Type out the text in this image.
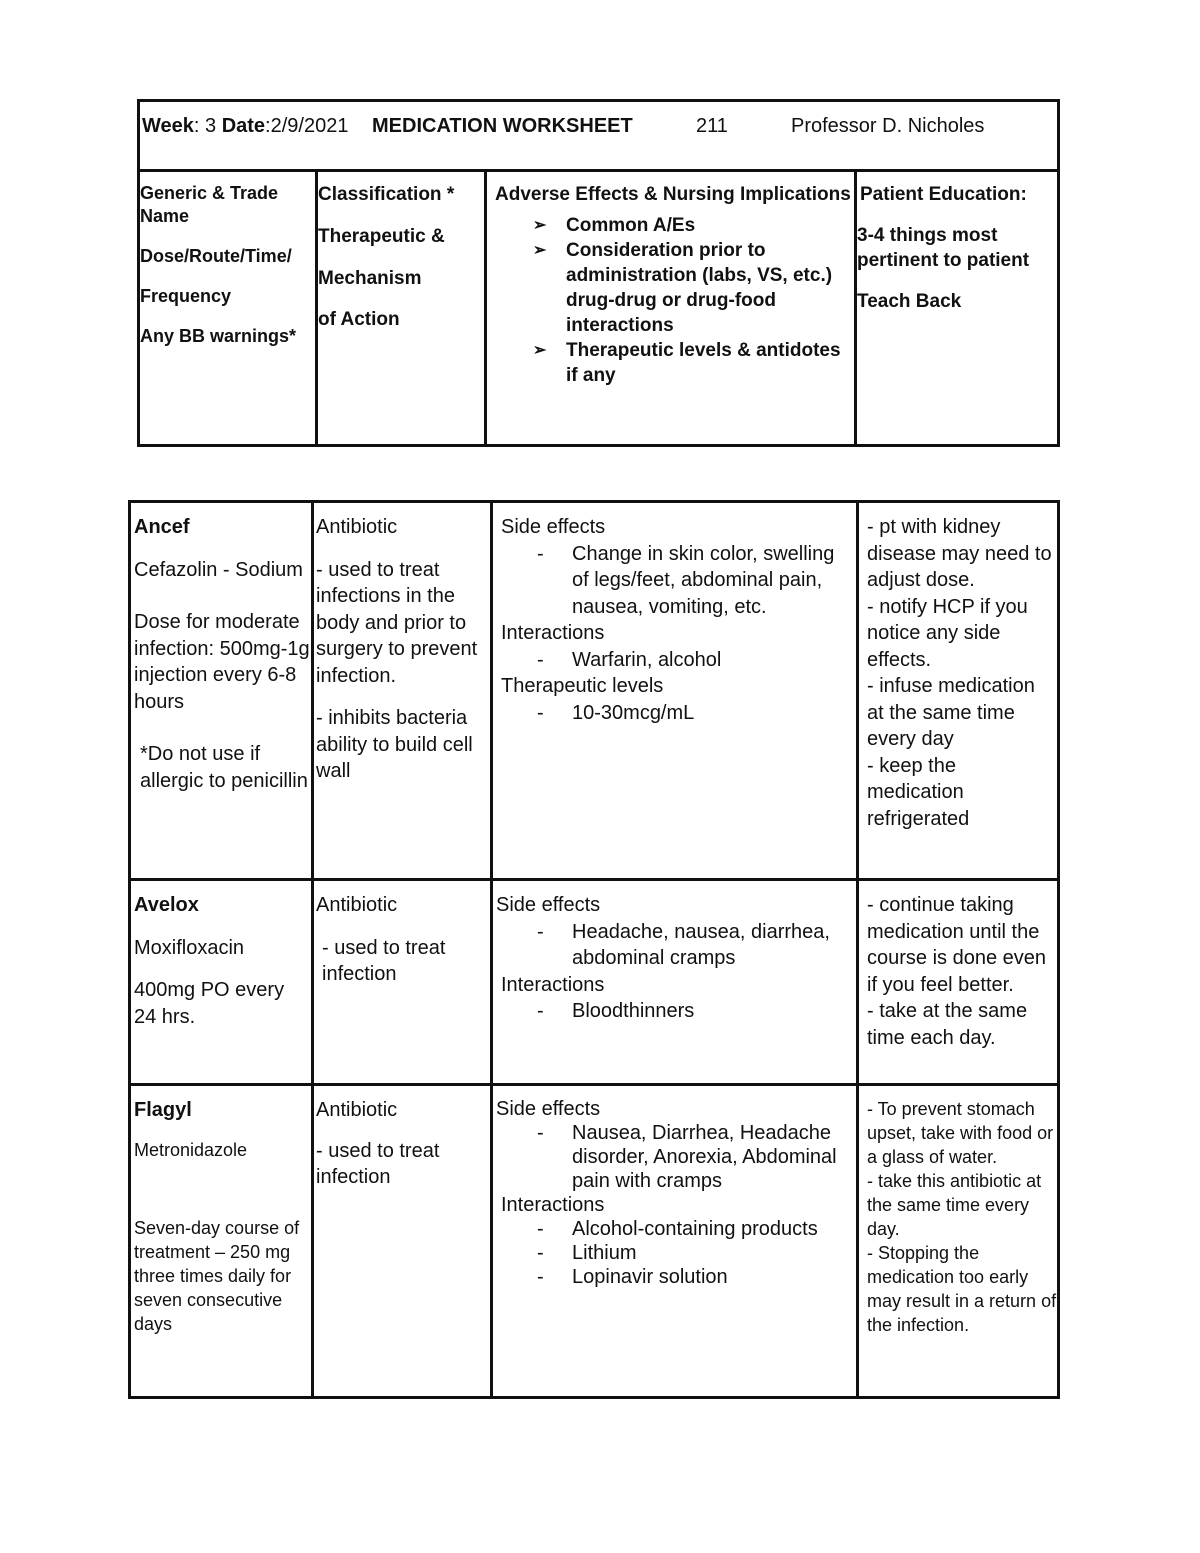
Week: 3 Date:2/9/2021 MEDICATION WORKSHEET	211	Professor D. Nicholes

Generic & Trade Name

Dose/Route/Time/

Frequency

Any BB warnings*

Classification *

Therapeutic &

Mechanism

of Action

Adverse Effects & Nursing Implications

➢ Common A/Es
➢ Consideration prior to administration (labs, VS, etc.) drug-drug or drug-food interactions
➢ Therapeutic levels & antidotes if any

Patient Education:

3-4 things most pertinent to patient

Teach Back

Ancef

Cefazolin - Sodium

Dose for moderate infection: 500mg-1g injection every 6-8 hours

*Do not use if allergic to penicillin

Antibiotic

- used to treat infections in the body and prior to surgery to prevent infection.

- inhibits bacteria ability to build cell wall

Side effects

- Change in skin color, swelling of legs/feet, abdominal pain, nausea, vomiting, etc.

Interactions

- Warfarin, alcohol

Therapeutic levels

- 10-30mcg/mL

- pt with kidney disease may need to adjust dose.

- notify HCP if you notice any side effects.

- infuse medication at the same time every day

- keep the medication refrigerated

Avelox

Moxifloxacin

400mg PO every 24 hrs.

Antibiotic

- used to treat infection

Side effects

- Headache, nausea, diarrhea, abdominal cramps

Interactions

- Bloodthinners

- continue taking medication until the course is done even if you feel better.

- take at the same time each day.

Flagyl

Metronidazole

Seven-day course of treatment – 250 mg three times daily for seven consecutive days

Antibiotic

- used to treat infection

Side effects

- Nausea, Diarrhea, Headache disorder, Anorexia, Abdominal pain with cramps

Interactions

- Alcohol-containing products
- Lithium
- Lopinavir solution

- To prevent stomach upset, take with food or a glass of water.

- take this antibiotic at the same time every day.

- Stopping the medication too early may result in a return of the infection.
